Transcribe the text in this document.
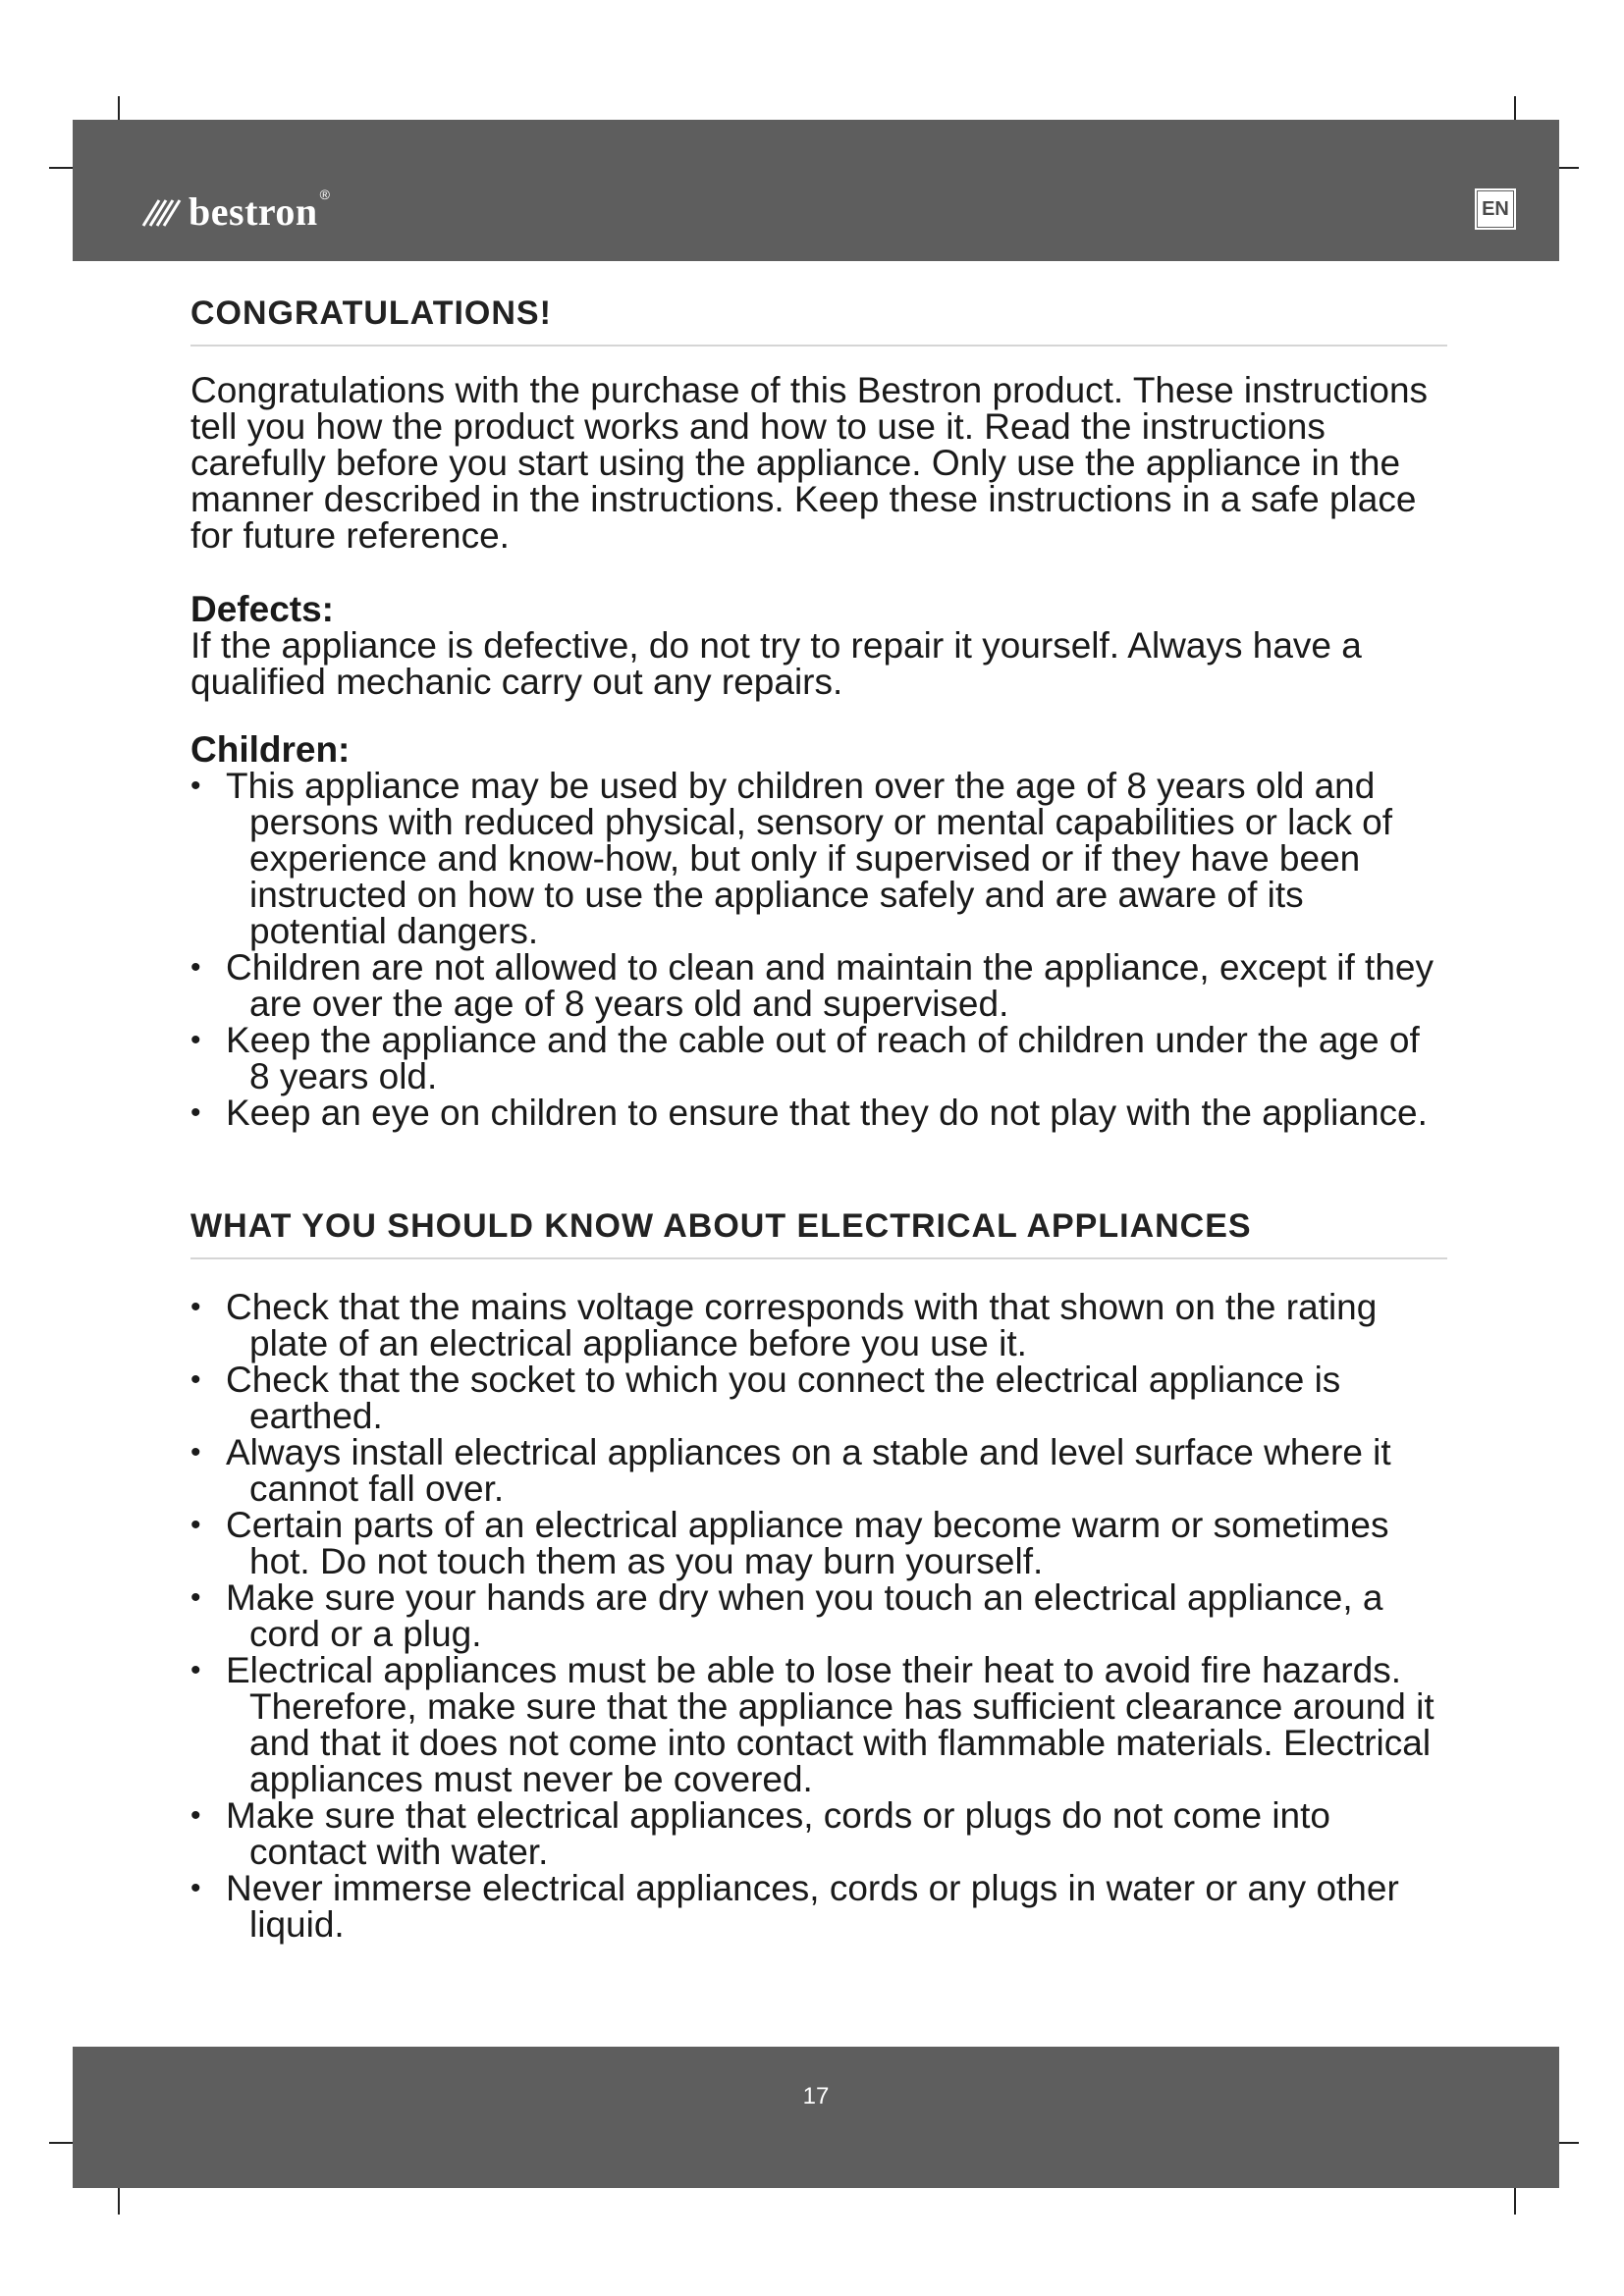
bestron ®
EN
CONGRATULATIONS!

Congratulations with the purchase of this Bestron product. These instructions tell you how the product works and how to use it. Read the instructions carefully before you start using the appliance. Only use the appliance in the manner described in the instructions. Keep these instructions in a safe place for future reference.

Defects:

If the appliance is defective, do not try to repair it yourself. Always have a qualified mechanic carry out any repairs.

Children:

• This appliance may be used by children over the age of 8 years old and persons with reduced physical, sensory or mental capabilities or lack of experience and know-how, but only if supervised or if they have been instructed on how to use the appliance safely and are aware of its potential dangers.
• Children are not allowed to clean and maintain the appliance, except if they are over the age of 8 years old and supervised.
• Keep the appliance and the cable out of reach of children under the age of 8 years old.
• Keep an eye on children to ensure that they do not play with the appliance.
WHAT YOU SHOULD KNOW ABOUT ELECTRICAL APPLIANCES
• Check that the mains voltage corresponds with that shown on the rating plate of an electrical appliance before you use it.
• Check that the socket to which you connect the electrical appliance is earthed.
• Always install electrical appliances on a stable and level surface where it cannot fall over.
• Certain parts of an electrical appliance may become warm or sometimes hot. Do not touch them as you may burn yourself.
• Make sure your hands are dry when you touch an electrical appliance, a cord or a plug.
• Electrical appliances must be able to lose their heat to avoid fire hazards. Therefore, make sure that the appliance has sufficient clearance around it and that it does not come into contact with flammable materials. Electrical appliances must never be covered.
• Make sure that electrical appliances, cords or plugs do not come into contact with water.
• Never immerse electrical appliances, cords or plugs in water or any other liquid.
17
